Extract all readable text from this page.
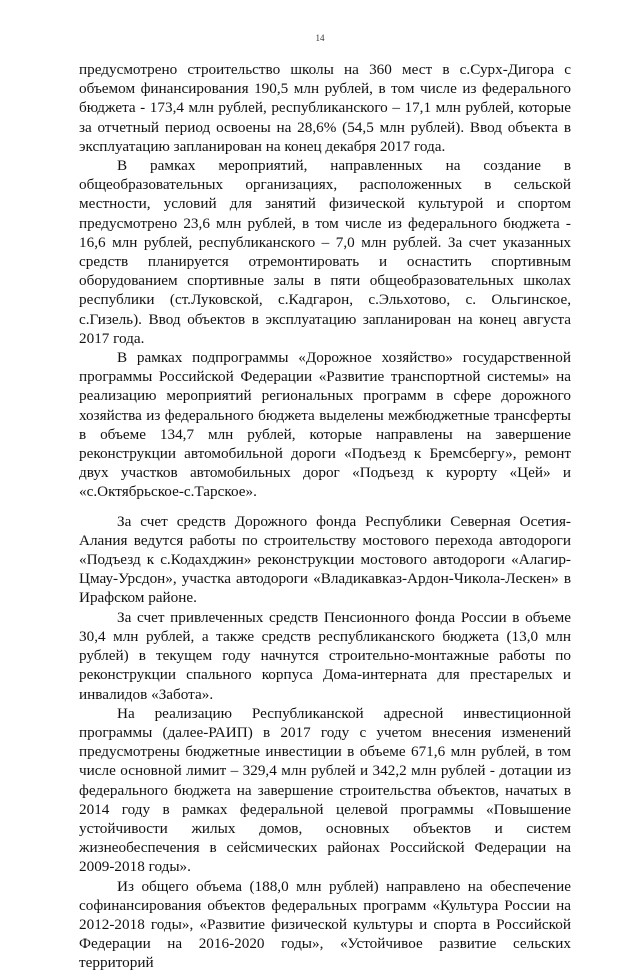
14

предусмотрено строительство школы на 360 мест в с.Сурх-Дигора с объемом финансирования 190,5 млн рублей, в том числе из федерального бюджета - 173,4 млн рублей, республиканского – 17,1 млн рублей, которые за отчетный период освоены на 28,6% (54,5 млн рублей). Ввод объекта в эксплуатацию запланирован на конец декабря 2017 года.

В рамках мероприятий, направленных на создание в общеобразовательных организациях, расположенных в сельской местности, условий для занятий физической культурой и спортом предусмотрено 23,6 млн рублей, в том числе из федерального бюджета - 16,6 млн рублей, республиканского – 7,0 млн рублей. За счет указанных средств планируется отремонтировать и оснастить спортивным оборудованием спортивные залы в пяти общеобразовательных школах республики (ст.Луковской, с.Кадгарон, с.Эльхотово, с. Ольгинское, с.Гизель). Ввод объектов в эксплуатацию запланирован на конец августа 2017 года.

В рамках подпрограммы «Дорожное хозяйство» государственной программы Российской Федерации «Развитие транспортной системы» на реализацию мероприятий региональных программ в сфере дорожного хозяйства из федерального бюджета выделены межбюджетные трансферты в объеме 134,7 млн рублей, которые направлены на завершение реконструкции автомобильной дороги «Подъезд к Бремсбергу», ремонт двух участков автомобильных дорог «Подъезд к курорту «Цей» и «с.Октябрьское-с.Тарское».

За счет средств Дорожного фонда Республики Северная Осетия-Алания ведутся работы по строительству мостового перехода автодороги «Подъезд к с.Кодахджин» реконструкции мостового автодороги «Алагир-Цмау-Урсдон», участка автодороги «Владикавказ-Ардон-Чикола-Лескен» в Ирафском районе.

За счет привлеченных средств Пенсионного фонда России в объеме 30,4 млн рублей, а также средств республиканского бюджета (13,0 млн рублей) в текущем году начнутся строительно-монтажные работы по реконструкции спального корпуса Дома-интерната для престарелых и инвалидов «Забота».

На реализацию Республиканской адресной инвестиционной программы (далее-РАИП) в 2017 году с учетом внесения изменений предусмотрены бюджетные инвестиции в объеме 671,6 млн рублей, в том числе основной лимит – 329,4 млн рублей и 342,2 млн рублей - дотации из федерального бюджета на завершение строительства объектов, начатых в 2014 году в рамках федеральной целевой программы «Повышение устойчивости жилых домов, основных объектов и систем жизнеобеспечения в сейсмических районах Российской Федерации на 2009-2018 годы».

Из общего объема (188,0 млн рублей) направлено на обеспечение софинансирования объектов федеральных программ «Культура России на 2012-2018 годы», «Развитие физической культуры и спорта в Российской Федерации на 2016-2020 годы», «Устойчивое развитие сельских территорий
